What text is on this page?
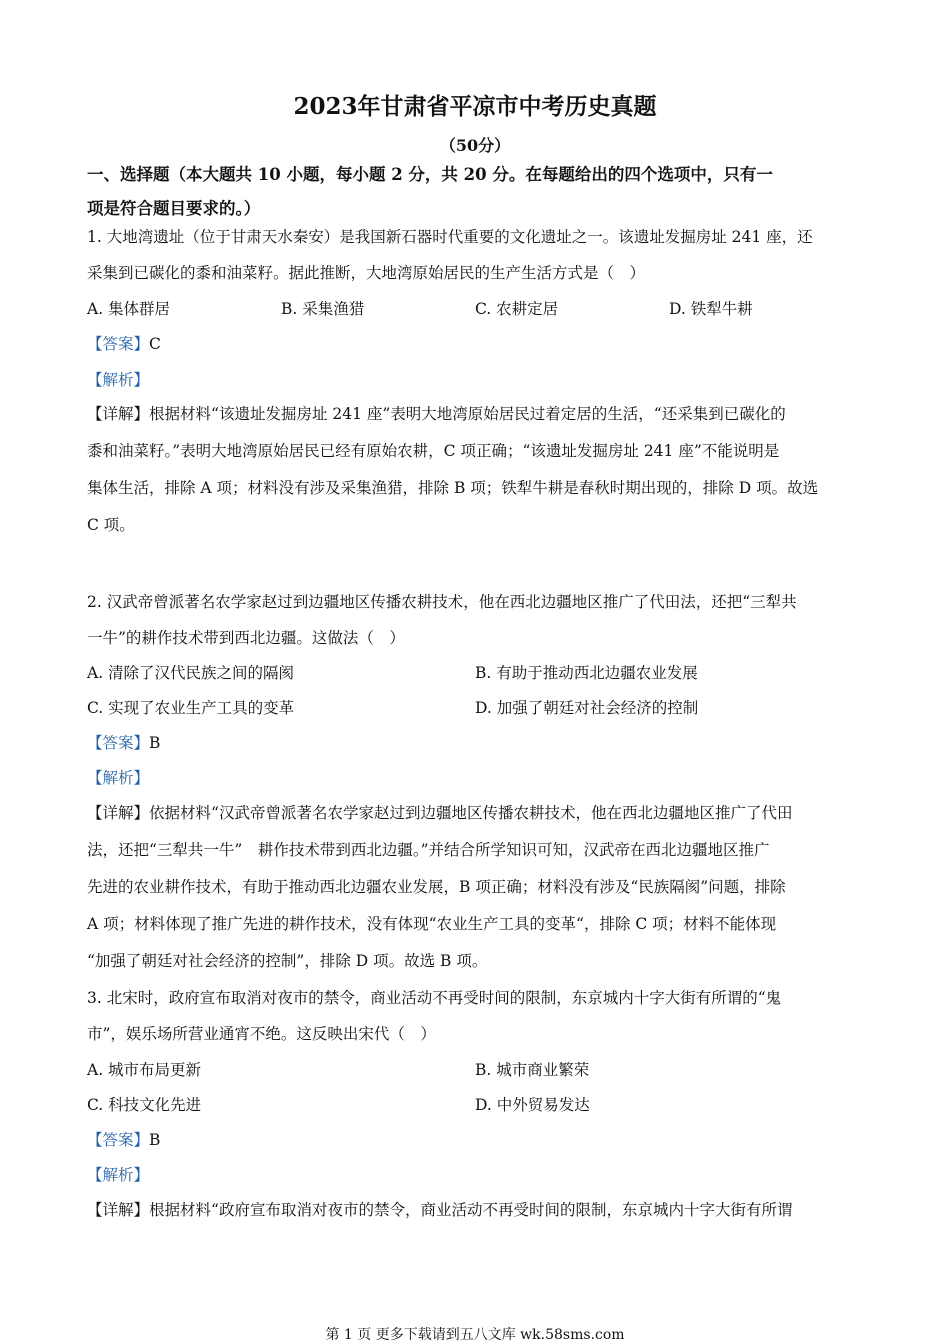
2023年甘肃省平凉市中考历史真题
（50分）
一、选择题（本大题共 10 小题，每小题 2 分，共 20 分。在每题给出的四个选项中，只有一
项是符合题目要求的。）
1. 大地湾遗址（位于甘肃天水秦安）是我国新石器时代重要的文化遗址之一。该遗址发掘房址 241 座，还
采集到已碳化的黍和油菜籽。据此推断，大地湾原始居民的生产生活方式是（　）
A. 集体群居	B. 采集渔猎	C. 农耕定居	D. 铁犁牛耕
【答案】C
【解析】
【详解】根据材料“该遗址发掘房址 241 座”表明大地湾原始居民过着定居的生活，“还采集到已碳化的
黍和油菜籽。”表明大地湾原始居民已经有原始农耕，C 项正确；“该遗址发掘房址 241 座”不能说明是
集体生活，排除 A 项；材料没有涉及采集渔猎，排除 B 项；铁犁牛耕是春秋时期出现的，排除 D 项。故选
C 项。
2. 汉武帝曾派著名农学家赵过到边疆地区传播农耕技术，他在西北边疆地区推广了代田法，还把“三犁共
一牛”的耕作技术带到西北边疆。这做法（　）
A. 清除了汉代民族之间的隔阂	B. 有助于推动西北边疆农业发展
C. 实现了农业生产工具的变革	D. 加强了朝廷对社会经济的控制
【答案】B
【解析】
【详解】依据材料“汉武帝曾派著名农学家赵过到边疆地区传播农耕技术，他在西北边疆地区推广了代田
法，还把“三犁共一牛”　耕作技术带到西北边疆。”并结合所学知识可知，汉武帝在西北边疆地区推广
先进的农业耕作技术，有助于推动西北边疆农业发展，B 项正确；材料没有涉及“民族隔阂”问题，排除
A 项；材料体现了推广先进的耕作技术，没有体现“农业生产工具的变革“，排除 C 项；材料不能体现
“加强了朝廷对社会经济的控制”，排除 D 项。故选 B 项。
3. 北宋时，政府宣布取消对夜市的禁令，商业活动不再受时间的限制，东京城内十字大街有所谓的“鬼
市”，娱乐场所营业通宵不绝。这反映出宋代（　）
A. 城市布局更新	B. 城市商业繁荣
C. 科技文化先进	D. 中外贸易发达
【答案】B
【解析】
【详解】根据材料“政府宣布取消对夜市的禁令，商业活动不再受时间的限制，东京城内十字大街有所谓
第 1 页 更多下载请到五八文库 wk.58sms.com
